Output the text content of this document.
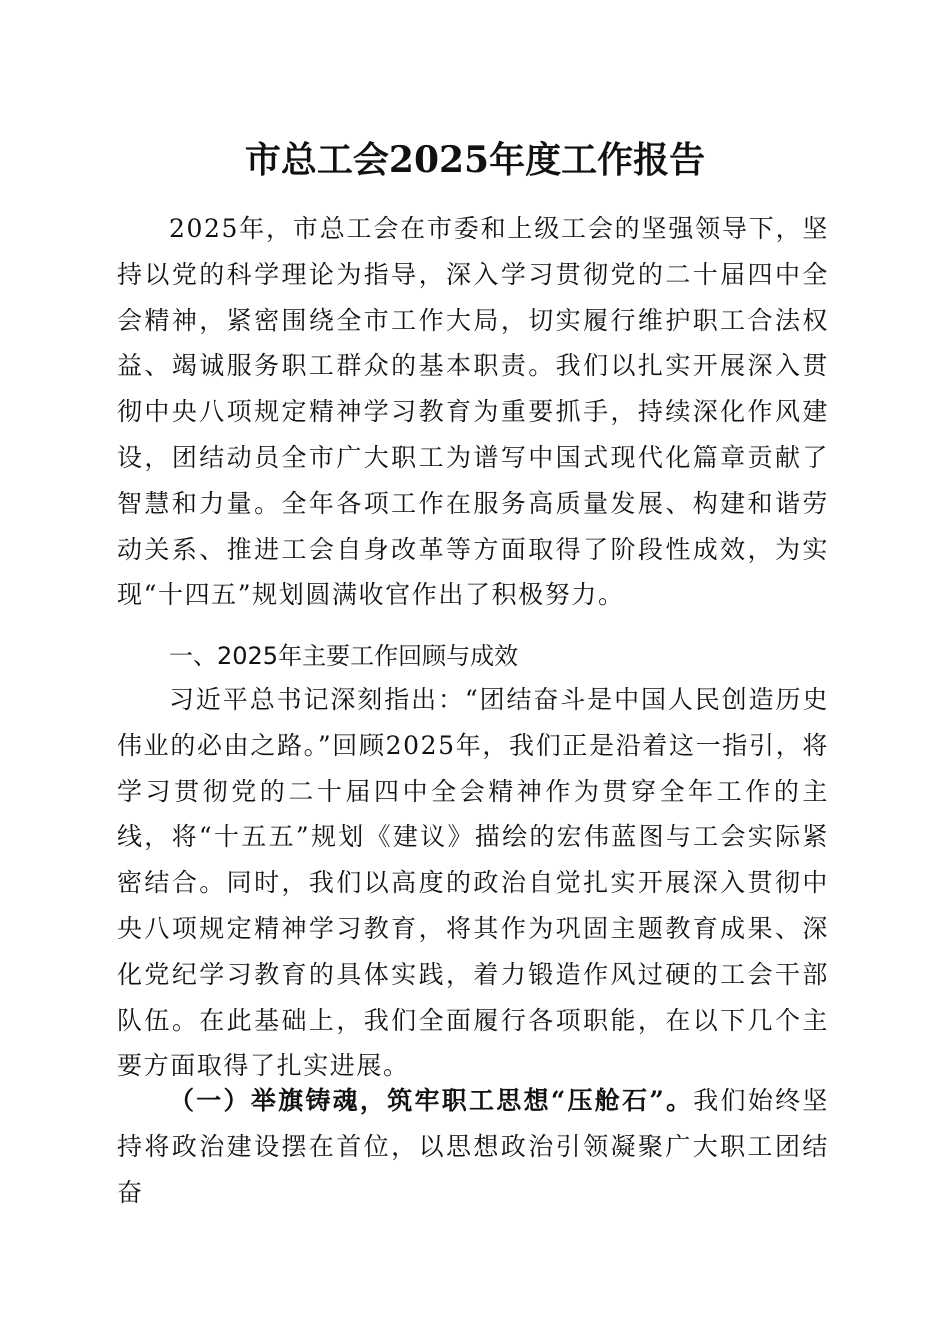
市总工会2025年度工作报告

2025年，市总工会在市委和上级工会的坚强领导下，坚持以党的科学理论为指导，深入学习贯彻党的二十届四中全会精神，紧密围绕全市工作大局，切实履行维护职工合法权益、竭诚服务职工群众的基本职责。我们以扎实开展深入贯彻中央八项规定精神学习教育为重要抓手，持续深化作风建设，团结动员全市广大职工为谱写中国式现代化篇章贡献了智慧和力量。全年各项工作在服务高质量发展、构建和谐劳动关系、推进工会自身改革等方面取得了阶段性成效，为实现“十四五”规划圆满收官作出了积极努力。

一、2025年主要工作回顾与成效

习近平总书记深刻指出：“团结奋斗是中国人民创造历史伟业的必由之路。”回顾2025年，我们正是沿着这一指引，将学习贯彻党的二十届四中全会精神作为贯穿全年工作的主线，将“十五五”规划《建议》描绘的宏伟蓝图与工会实际紧密结合。同时，我们以高度的政治自觉扎实开展深入贯彻中央八项规定精神学习教育，将其作为巩固主题教育成果、深化党纪学习教育的具体实践，着力锻造作风过硬的工会干部队伍。在此基础上，我们全面履行各项职能，在以下几个主要方面取得了扎实进展。

（一）举旗铸魂，筑牢职工思想“压舱石”。我们始终坚持将政治建设摆在首位，以思想政治引领凝聚广大职工团结奋
